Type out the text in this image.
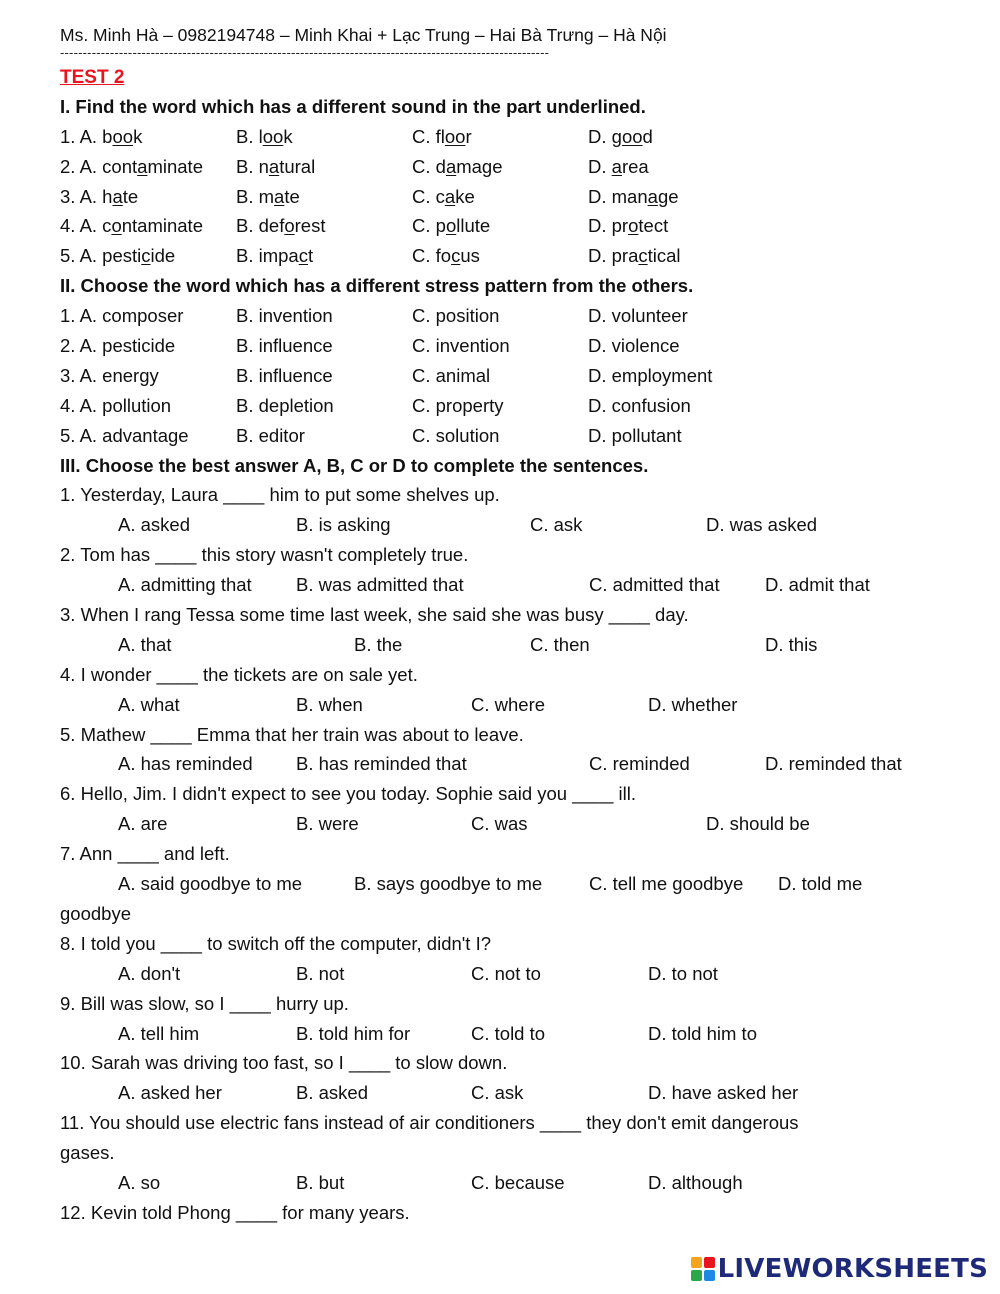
Ms. Minh Hà – 0982194748 – Minh Khai + Lạc Trung – Hai Bà Trưng – Hà Nội
------------------------------------------------------------------------------------------------------------
TEST 2
I. Find the word which has a different sound in the part underlined.
1. A. book	B. look	C. floor	D. good
2. A. contaminate B. natural	C. damage	D. area
3. A. hate	B. mate	C. cake	D. manage
4. A. contaminate B. deforest	C. pollute	D. protect
5. A. pesticide	B. impact	C. focus	D. practical
II. Choose the word which has a different stress pattern from the others.
1. A. composer	B. invention	C. position	D. volunteer
2. A. pesticide	B. influence	C. invention	D. violence
3. A. energy	B. influence	C. animal	D. employment
4. A. pollution	B. depletion	C. property	D. confusion
5. A. advantage	B. editor	C. solution	D. pollutant
III. Choose the best answer A, B, C or D to complete the sentences.
1. Yesterday, Laura ____ him to put some shelves up.
A. asked	B. is asking	C. ask	D. was asked
2. Tom has ____ this story wasn't completely true.
A. admitting that B. was admitted that	C. admitted that D. admit that
3. When I rang Tessa some time last week, she said she was busy ____ day.
A. that	B. the	C. then	D. this
4. I wonder ____ the tickets are on sale yet.
A. what	B. when	C. where	D. whether
5. Mathew ____ Emma that her train was about to leave.
A. has reminded B. has reminded that	C. reminded	D. reminded that
6. Hello, Jim. I didn't expect to see you today. Sophie said you ____ ill.
A. are	B. were	C. was	D. should be
7. Ann ____ and left.
A. said goodbye to me	B. says goodbye to me	C. tell me goodbye D. told me
goodbye
8. I told you ____ to switch off the computer, didn't I?
A. don't	B. not	C. not to	D. to not
9. Bill was slow, so I ____ hurry up.
A. tell him	B. told him for	C. told to	D. told him to
10. Sarah was driving too fast, so I ____ to slow down.
A. asked her	B. asked	C. ask	D. have asked her
11. You should use electric fans instead of air conditioners ____ they don't emit dangerous
gases.
A. so	B. but	C. because	D. although
12. Kevin told Phong ____ for many years.
LIVEWORKSHEETS
